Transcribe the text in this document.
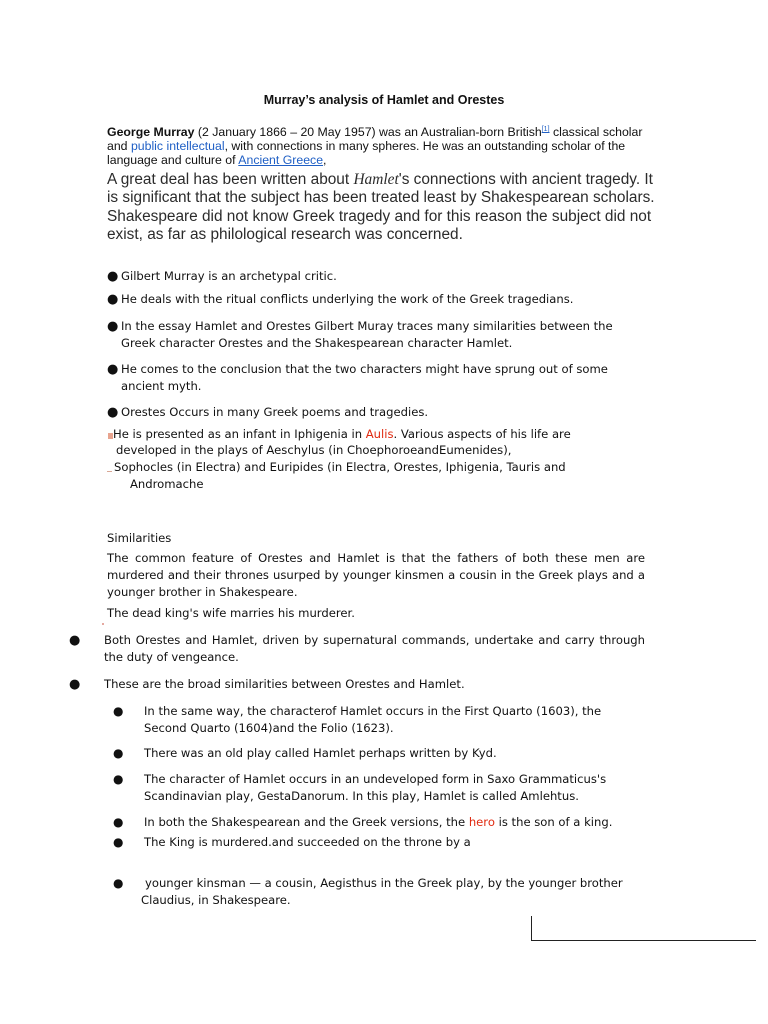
Murray’s analysis of Hamlet and Orestes
George Murray (2 January 1866 – 20 May 1957) was an Australian-born British[1] classical scholar and public intellectual, with connections in many spheres. He was an outstanding scholar of the language and culture of Ancient Greece,
A great deal has been written about Hamlet's connections with ancient tragedy. It is significant that the subject has been treated least by Shakespearean scholars. Shakespeare did not know Greek tragedy and for this reason the subject did not exist, as far as philological research was concerned.
● Gilbert Murray is an archetypal critic.
● He deals with the ritual conflicts underlying the work of the Greek tragedians.
● In the essay Hamlet and Orestes Gilbert Muray traces many similarities between the Greek character Orestes and the Shakespearean character Hamlet.
● He comes to the conclusion that the two characters might have sprung out of some ancient myth.
● Orestes Occurs in many Greek poems and tragedies.
He is presented as an infant in Iphigenia in Aulis. Various aspects of his life are
developed in the plays of Aeschylus (in ChoephoroeandEumenides),
Sophocles (in Electra) and Euripides (in Electra, Orestes, Iphigenia, Tauris and
Andromache
Similarities
The common feature of Orestes and Hamlet is that the fathers of both these men are murdered and their thrones usurped by younger kinsmen a cousin in the Greek plays and a younger brother in Shakespeare.
The dead king's wife marries his murderer.
● Both Orestes and Hamlet, driven by supernatural commands, undertake and carry through the duty of vengeance.
● These are the broad similarities between Orestes and Hamlet.
● In the same way, the characterof Hamlet occurs in the First Quarto (1603), the Second Quarto (1604)and the Folio (1623).
● There was an old play called Hamlet perhaps written by Kyd.
● The character of Hamlet occurs in an undeveloped form in Saxo Grammaticus's Scandinavian play, GestaDanorum. In this play, Hamlet is called Amlehtus.
● In both the Shakespearean and the Greek versions, the hero is the son of a king.
● The King is murdered.and succeeded on the throne by a
● younger kinsman — a cousin, Aegisthus in the Greek play, by the younger brother
Claudius, in Shakespeare.
